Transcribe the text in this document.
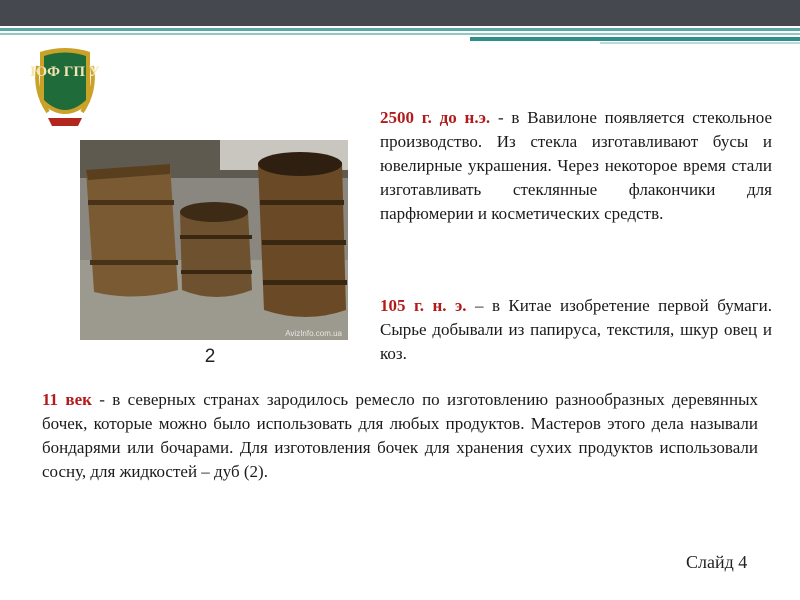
ЮФ ГП У
AvizInfo.com.ua
2
2500 г. до н.э. - в Вавилоне появляется стекольное производство. Из стекла изготавливают бусы и ювелирные украшения. Через некоторое время стали изготавливать стеклянные флакончики для парфюмерии и косметических средств.
105 г. н. э. – в Китае изобретение первой бумаги. Сырье добывали из папируса, текстиля, шкур овец и коз.
11 век - в северных странах зародилось ремесло по изготовлению разнообразных деревянных бочек, которые можно было использовать для любых продуктов. Мастеров этого дела называли бондарями или бочарами. Для изготовления бочек для хранения сухих продуктов использовали сосну, для жидкостей – дуб (2).
Слайд 4
